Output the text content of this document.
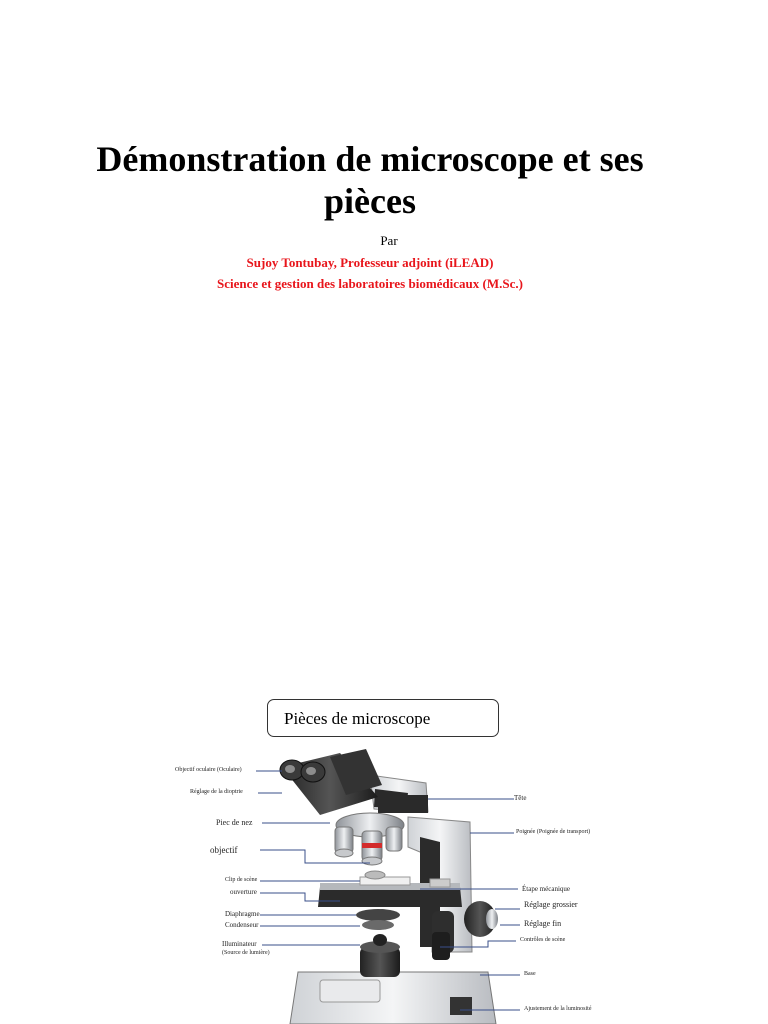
Démonstration de microscope et ses pièces
Par
Sujoy Tontubay, Professeur adjoint (iLEAD)
Science et gestion des laboratoires biomédicaux (M.Sc.)
Pièces de microscope
Objectif oculaire (Oculaire)
Réglage de la dioptrie
Piec de nez
objectif
Clip de scène
ouverture
Diaphragme
Condenseur
Illuminateur
(Source de lumière)
Tête
Poignée (Poignée de transport)
Étape mécanique
Réglage grossier
Réglage fin
Contrôles de scène
Base
Ajustement de la luminosité
